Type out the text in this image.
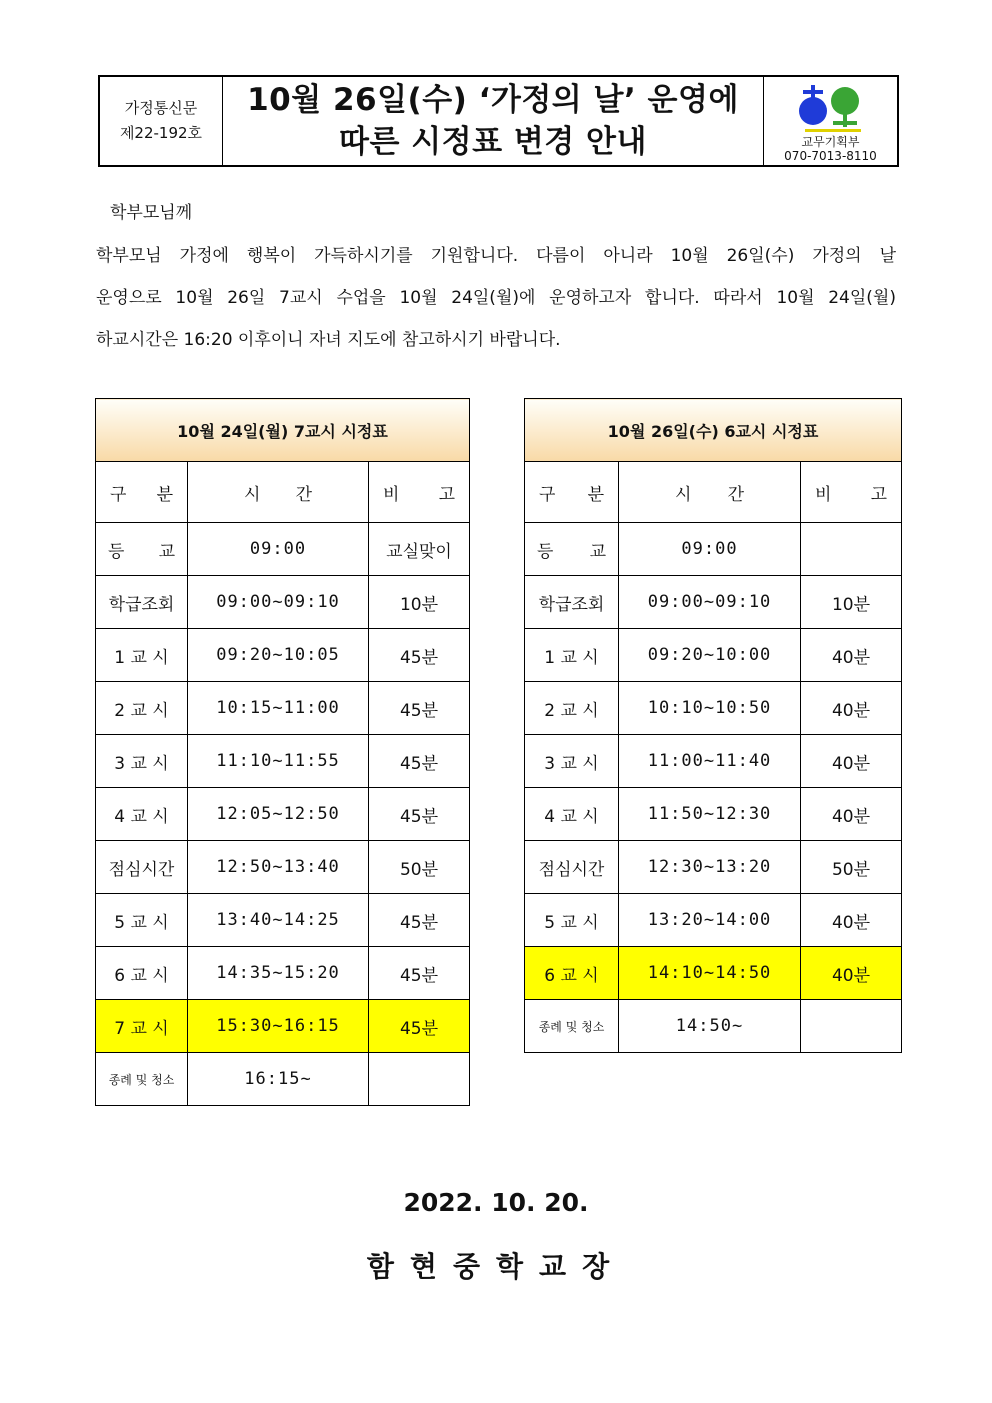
가정통신문
제22-192호
10월 26일(수) ‘가정의 날’ 운영에
따른 시정표 변경 안내	교무기획부
070-7013-8110
학부모님께

학부모님 가정에 행복이 가득하시기를 기원합니다. 다름이 아니라 10월 26일(수) 가정의 날

운영으로 10월 26일 7교시 수업을 10월 24일(월)에 운영하고자 합니다. 따라서 10월 24일(월)

하교시간은 16:20 이후이니 자녀 지도에 참고하시기 바랍니다.

10월 24일(월) 7교시 시정표		
구 분	시 간	비 고
등 교	09:00	교실맞이
학급조회	09:00~09:10	10분
1 교 시	09:20~10:05	45분
2 교 시	10:15~11:00	45분
3 교 시	11:10~11:55	45분
4 교 시	12:05~12:50	45분
점심시간	12:50~13:40	50분
5 교 시	13:40~14:25	45분
6 교 시	14:35~15:20	45분
7 교 시	15:30~16:15	45분
종례 및 청소	16:15~	
10월 26일(수) 6교시 시정표		
구 분	시 간	비 고
등 교	09:00	
학급조회	09:00~09:10	10분
1 교 시	09:20~10:00	40분
2 교 시	10:10~10:50	40분
3 교 시	11:00~11:40	40분
4 교 시	11:50~12:30	40분
점심시간	12:30~13:20	50분
5 교 시	13:20~14:00	40분
6 교 시	14:10~14:50	40분
종례 및 청소	14:50~	
2022. 10. 20.
함현중학교장
